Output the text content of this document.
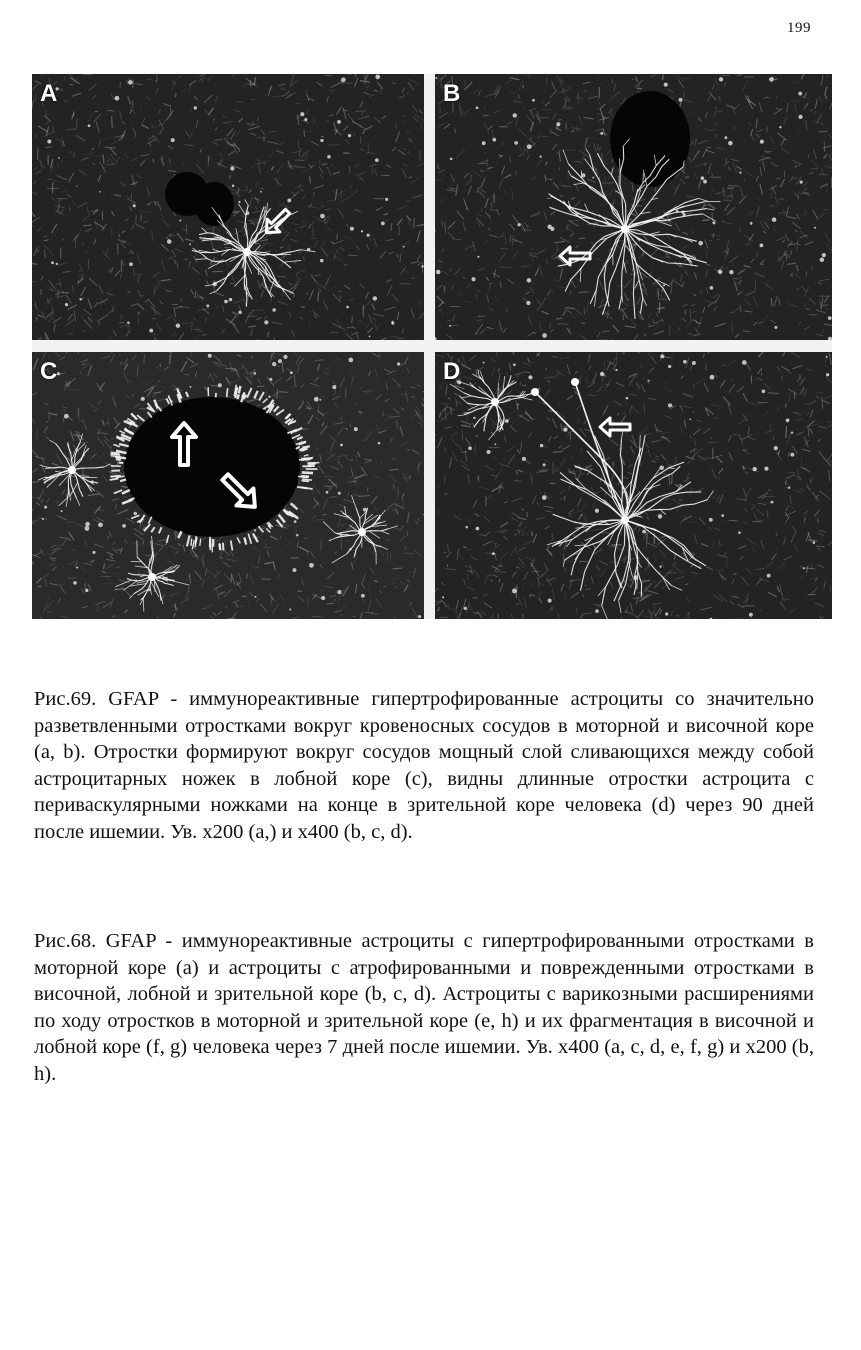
199
A	B
C	D
Рис.69. GFAP - иммунореактивные гипертрофированные астроциты со значительно разветвленными отростками вокруг кровеносных сосудов в моторной и височной коре (a, b). Отростки формируют вокруг сосудов мощный слой сливающихся между собой астроцитарных ножек в лобной коре (c), видны длинные отростки астроцита с периваскулярными ножками на конце в зрительной коре человека (d) через 90 дней после ишемии. Ув. x200 (a,) и x400 (b, c, d).
Рис.68. GFAP - иммунореактивные астроциты с гипертрофированными отростками в моторной коре (a) и астроциты с атрофированными и поврежденными отростками в височной, лобной и зрительной коре (b, c, d). Астроциты с варикозными расширениями по ходу отростков в моторной и зрительной коре (e, h) и их фрагментация в височной и лобной коре (f, g) человека через 7 дней после ишемии. Ув. x400 (a, c, d, e, f, g) и x200 (b, h).
